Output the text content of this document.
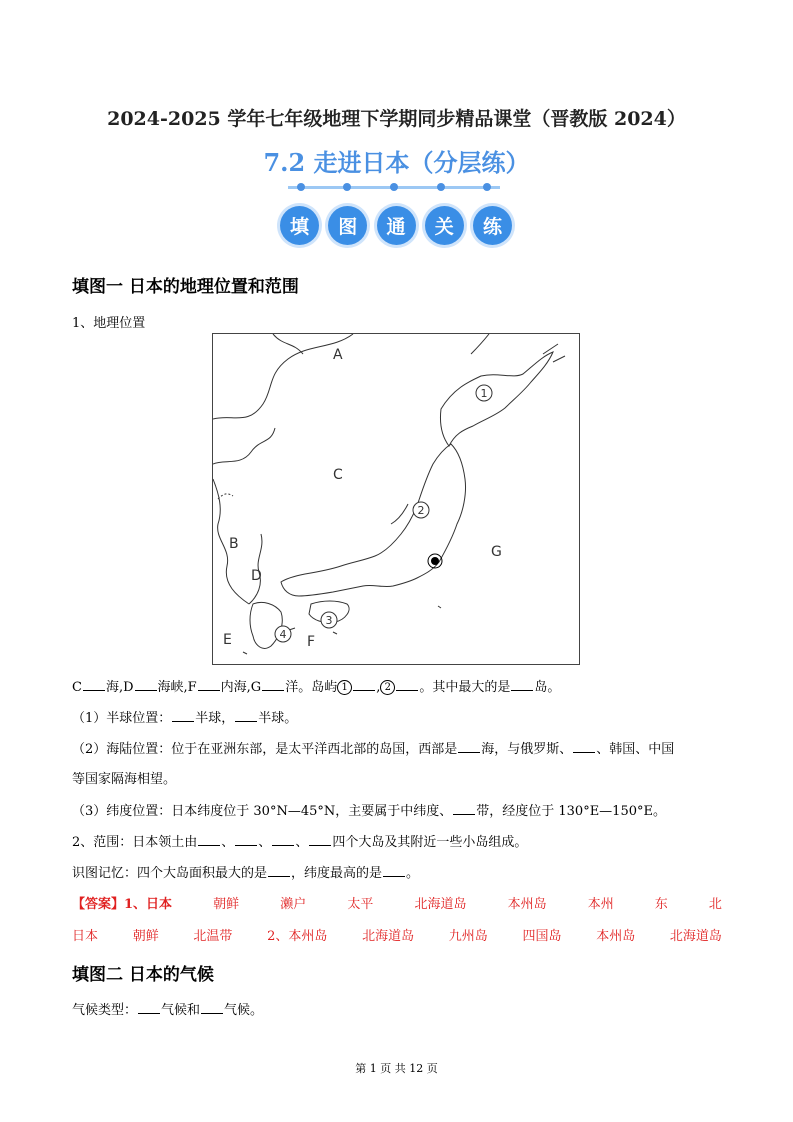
2024-2025 学年七年级地理下学期同步精品课堂（晋教版 2024）
7.2 走进日本（分层练）
填	图	通	关	练
填图一 日本的地理位置和范围
1、地理位置
A
B
C
D
E	F
G
1
2
3
4
C 海,D 海峡,F 内海,G 洋。岛屿 1 , 2 。其中最大的是 岛。
（1）半球位置： 半球， 半球。
（2）海陆位置：位于在亚洲东部，是太平洋西北部的岛国，西部是 海，与俄罗斯、 、韩国、中国
等国家隔海相望。
（3）纬度位置：日本纬度位于 30°N—45°N，主要属于中纬度、 带，经度位于 130°E—150°E。
2、范围：日本领土由 、 、 、 四个大岛及其附近一些小岛组成。
识图记忆：四个大岛面积最大的是 ，纬度最高的是 。
【答案】1、日本	朝鲜	濑户	太平	北海道岛	本州岛	本州	东	北
日本	朝鲜	北温带	2、本州岛	北海道岛	九州岛	四国岛	本州岛	北海道岛
填图二 日本的气候
气候类型： 气候和 气候。
第 1 页 共 12 页
